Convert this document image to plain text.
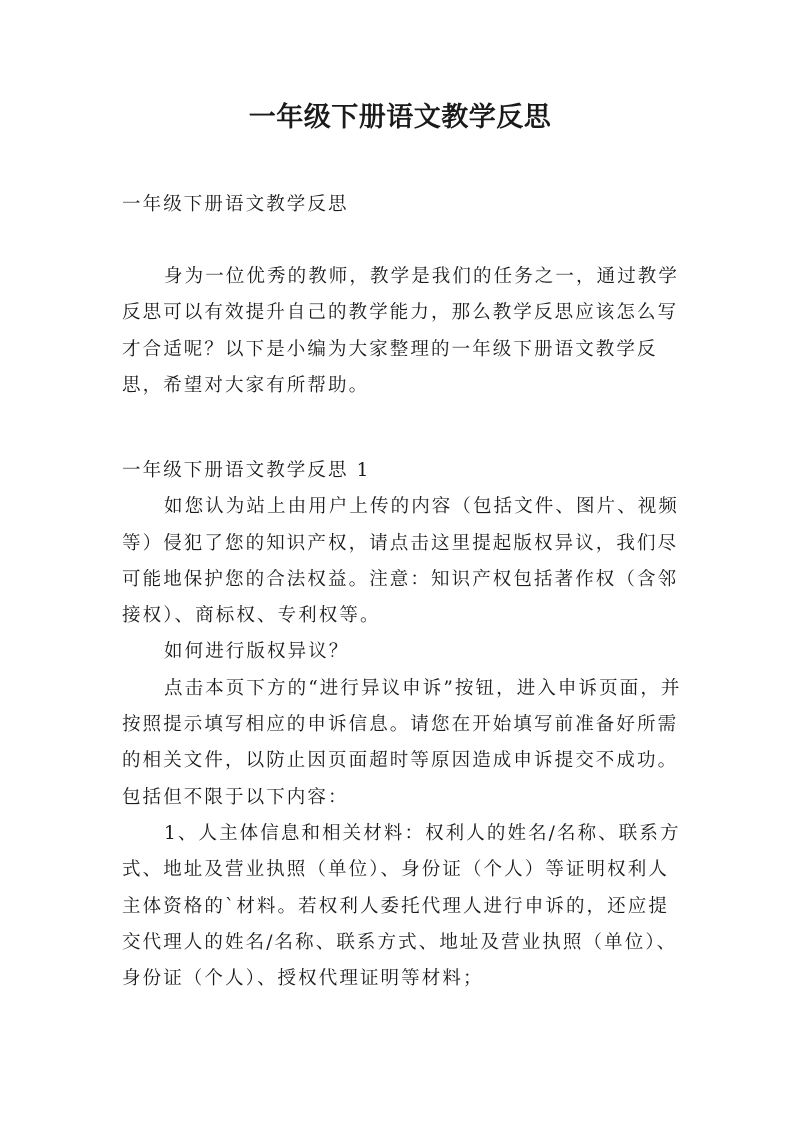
一年级下册语文教学反思

一年级下册语文教学反思

身为一位优秀的教师，教学是我们的任务之一，通过教学反思可以有效提升自己的教学能力，那么教学反思应该怎么写才合适呢？以下是小编为大家整理的一年级下册语文教学反思，希望对大家有所帮助。

一年级下册语文教学反思 1

如您认为站上由用户上传的内容（包括文件、图片、视频等）侵犯了您的知识产权，请点击这里提起版权异议，我们尽可能地保护您的合法权益。注意：知识产权包括著作权（含邻接权）、商标权、专利权等。

如何进行版权异议？

点击本页下方的“进行异议申诉”按钮，进入申诉页面，并按照提示填写相应的申诉信息。请您在开始填写前准备好所需的相关文件，以防止因页面超时等原因造成申诉提交不成功。包括但不限于以下内容：

1、人主体信息和相关材料：权利人的姓名/名称、联系方式、地址及营业执照（单位）、身份证（个人）等证明权利人主体资格的`材料。若权利人委托代理人进行申诉的，还应提交代理人的姓名/名称、联系方式、地址及营业执照（单位）、身份证（个人）、授权代理证明等材料；
